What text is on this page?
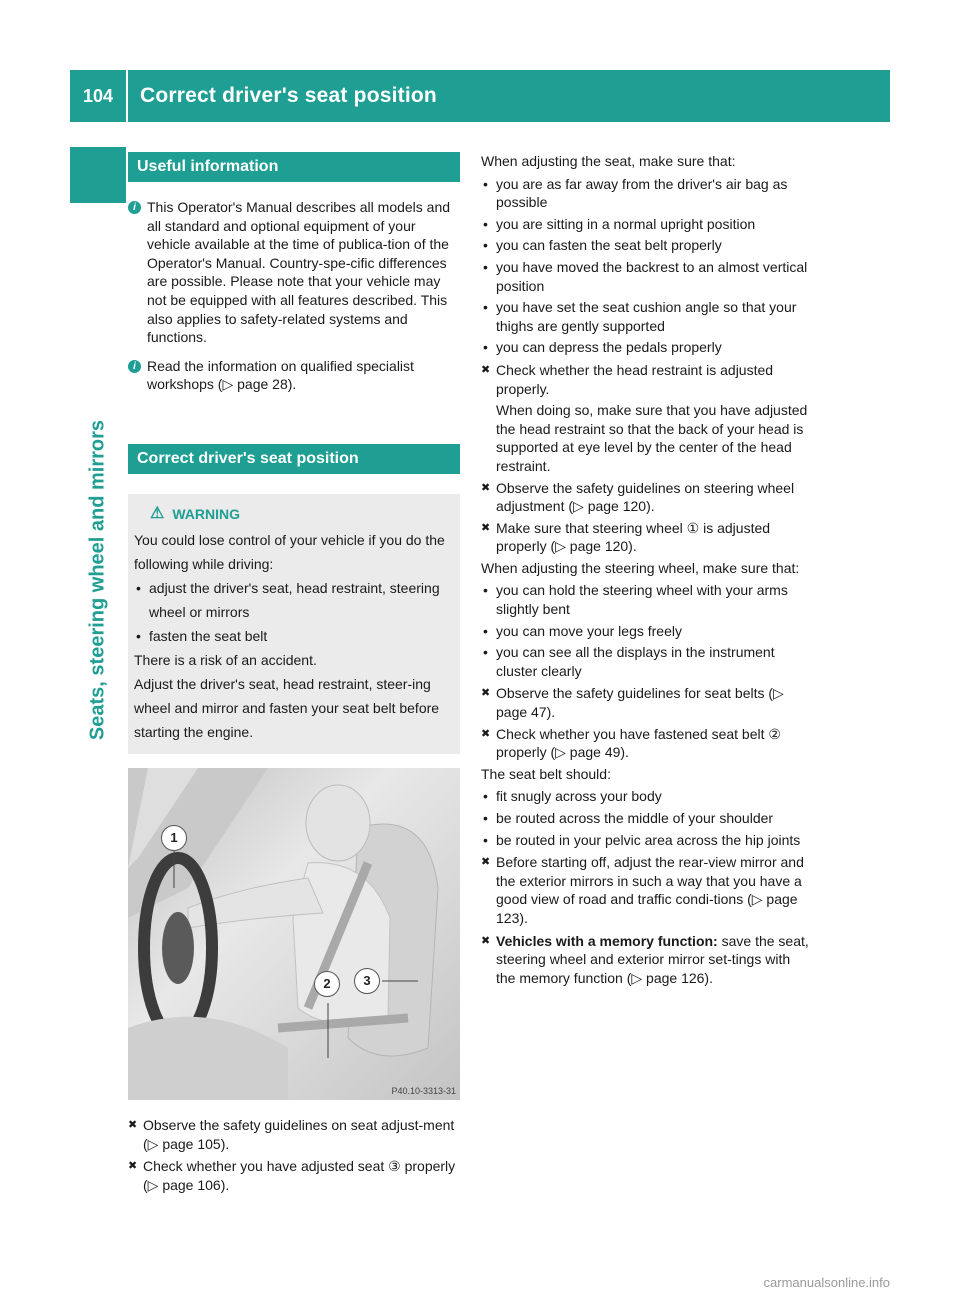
104	Correct driver's seat position
Seats, steering wheel and mirrors
Useful information
i This Operator's Manual describes all models and all standard and optional equipment of your vehicle available at the time of publica-tion of the Operator's Manual. Country-spe-cific differences are possible. Please note that your vehicle may not be equipped with all features described. This also applies to safety-related systems and functions.

i Read the information on qualified specialist workshops (▷ page 28).

Correct driver's seat position
⚠ WARNING

You could lose control of your vehicle if you do the following while driving:

• adjust the driver's seat, head restraint, steering wheel or mirrors
• fasten the seat belt

There is a risk of an accident.

Adjust the driver's seat, head restraint, steer-ing wheel and mirror and fasten your seat belt before starting the engine.

1
2	3
P40.10-3313-31
✖ Observe the safety guidelines on seat adjust-ment (▷ page 105).
✖ Check whether you have adjusted seat ③ properly (▷ page 106).

When adjusting the seat, make sure that:

• you are as far away from the driver's air bag as possible
• you are sitting in a normal upright position
• you can fasten the seat belt properly
• you have moved the backrest to an almost vertical position
• you have set the seat cushion angle so that your thighs are gently supported
• you can depress the pedals properly
✖ Check whether the head restraint is adjusted properly.
When doing so, make sure that you have adjusted the head restraint so that the back of your head is supported at eye level by the center of the head restraint.
✖ Observe the safety guidelines on steering wheel adjustment (▷ page 120).
✖ Make sure that steering wheel ① is adjusted properly (▷ page 120).

When adjusting the steering wheel, make sure that:

• you can hold the steering wheel with your arms slightly bent
• you can move your legs freely
• you can see all the displays in the instrument cluster clearly
✖ Observe the safety guidelines for seat belts (▷ page 47).
✖ Check whether you have fastened seat belt ② properly (▷ page 49).

The seat belt should:

• fit snugly across your body
• be routed across the middle of your shoulder
• be routed in your pelvic area across the hip joints
✖ Before starting off, adjust the rear-view mirror and the exterior mirrors in such a way that you have a good view of road and traffic condi-tions (▷ page 123).
✖ Vehicles with a memory function: save the seat, steering wheel and exterior mirror set-tings with the memory function (▷ page 126).
carmanualsonline.info
